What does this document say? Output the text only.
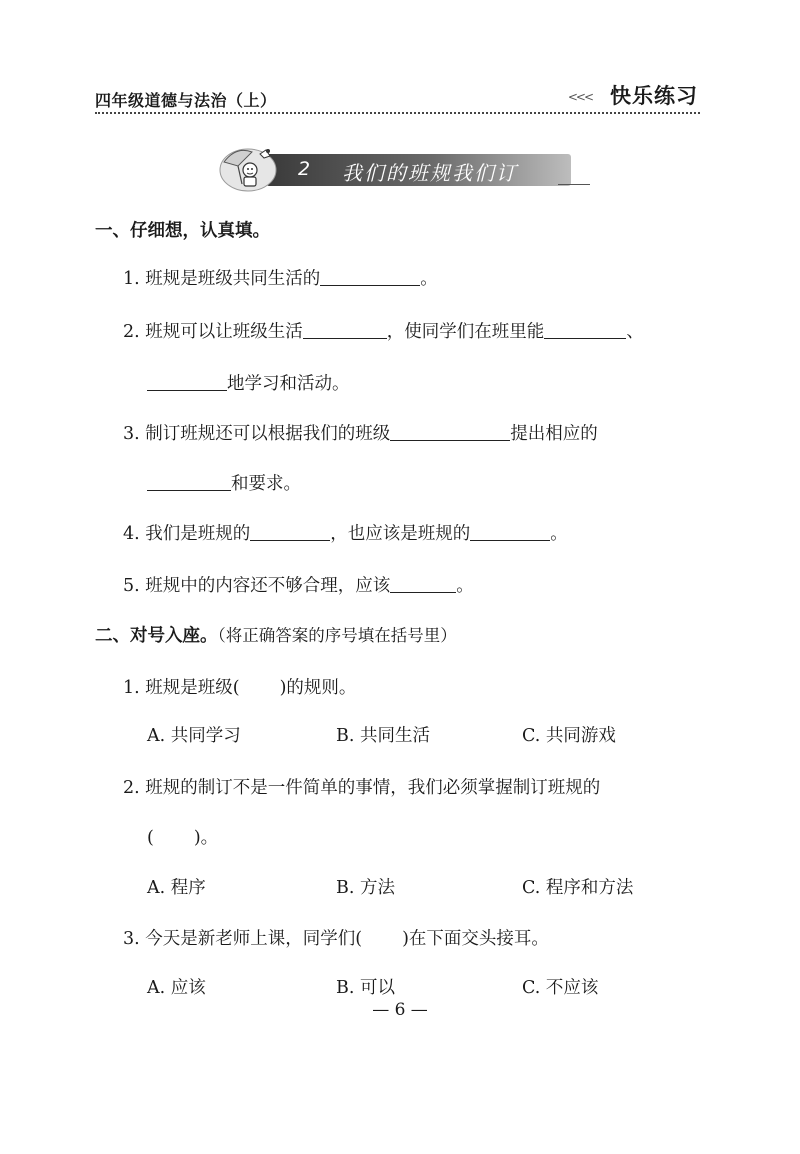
四年级道德与法治（上）	<<< 快乐练习
2 我们的班规我们订
一、仔细想，认真填。
1. 班规是班级共同生活的	。
2. 班规可以让班级生活	，使同学们在班里能	、
地学习和活动。
3. 制订班规还可以根据我们的班级	提出相应的
和要求。
4. 我们是班规的	，也应该是班规的	。
5. 班规中的内容还不够合理，应该	。
二、对号入座。（将正确答案的序号填在括号里）
1. 班规是班级( )的规则。
A. 共同学习	B. 共同生活	C. 共同游戏
2. 班规的制订不是一件简单的事情，我们必须掌握制订班规的
( )。
A. 程序	B. 方法	C. 程序和方法
3. 今天是新老师上课，同学们( )在下面交头接耳。
A. 应该	B. 可以	C. 不应该
— 6 —
